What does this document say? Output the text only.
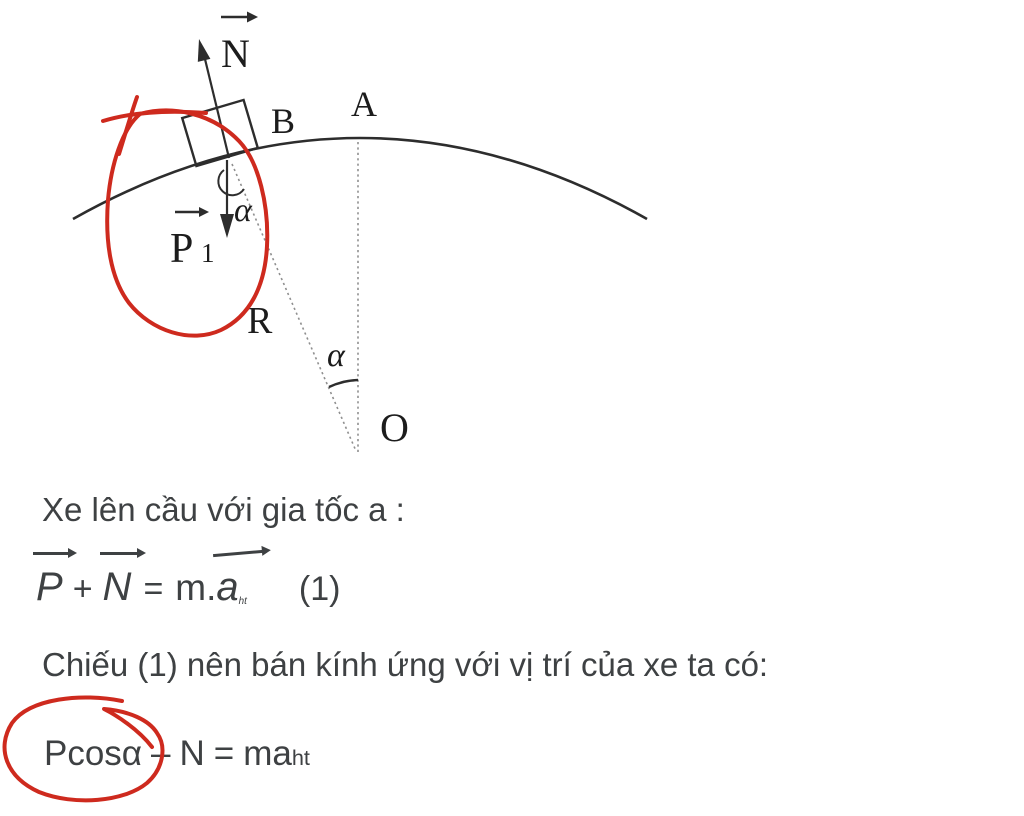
Xe lên cầu với gia tốc a :
P + N = m. $a_{ht}$ (1)
Chiếu (1) nên bán kính ứng với vị trí của xe ta có:
Pcosα – N = ma ht
N
B A
P 1
R
α
α
O
